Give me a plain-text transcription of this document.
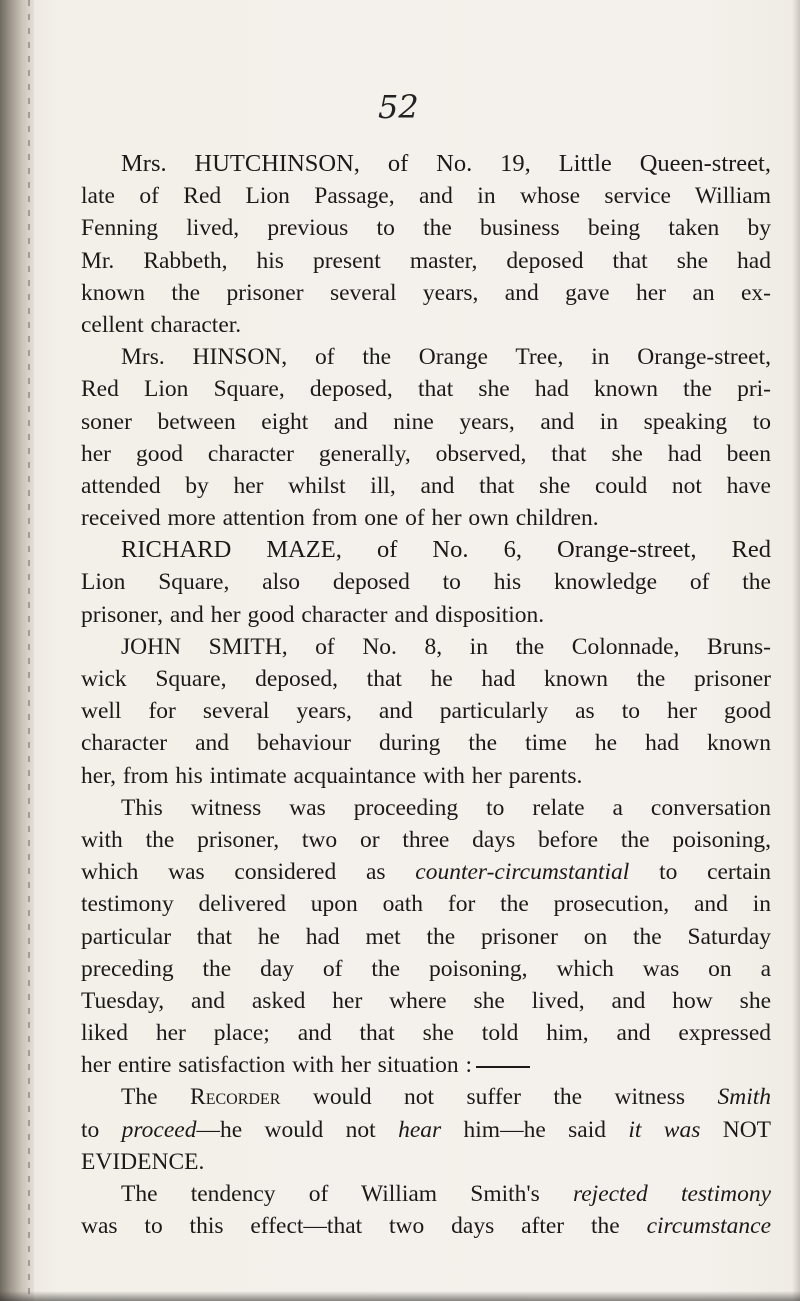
52
Mrs. HUTCHINSON, of No. 19, Little Queen-street,
late of Red Lion Passage, and in whose service William
Fenning lived, previous to the business being taken by
Mr. Rabbeth, his present master, deposed that she had
known the prisoner several years, and gave her an ex-
cellent character.
Mrs. HINSON, of the Orange Tree, in Orange-street,
Red Lion Square, deposed, that she had known the pri-
soner between eight and nine years, and in speaking to
her good character generally, observed, that she had been
attended by her whilst ill, and that she could not have
received more attention from one of her own children.
RICHARD MAZE, of No. 6, Orange-street, Red
Lion Square, also deposed to his knowledge of the
prisoner, and her good character and disposition.
JOHN SMITH, of No. 8, in the Colonnade, Bruns-
wick Square, deposed, that he had known the prisoner
well for several years, and particularly as to her good
character and behaviour during the time he had known
her, from his intimate acquaintance with her parents.
This witness was proceeding to relate a conversation
with the prisoner, two or three days before the poisoning,
which was considered as counter-circumstantial to certain
testimony delivered upon oath for the prosecution, and in
particular that he had met the prisoner on the Saturday
preceding the day of the poisoning, which was on a
Tuesday, and asked her where she lived, and how she
liked her place; and that she told him, and expressed
her entire satisfaction with her situation :
The Recorder would not suffer the witness Smith
to proceed—he would not hear him—he said it was NOT
EVIDENCE.
The tendency of William Smith's rejected testimony
was to this effect—that two days after the circumstance
